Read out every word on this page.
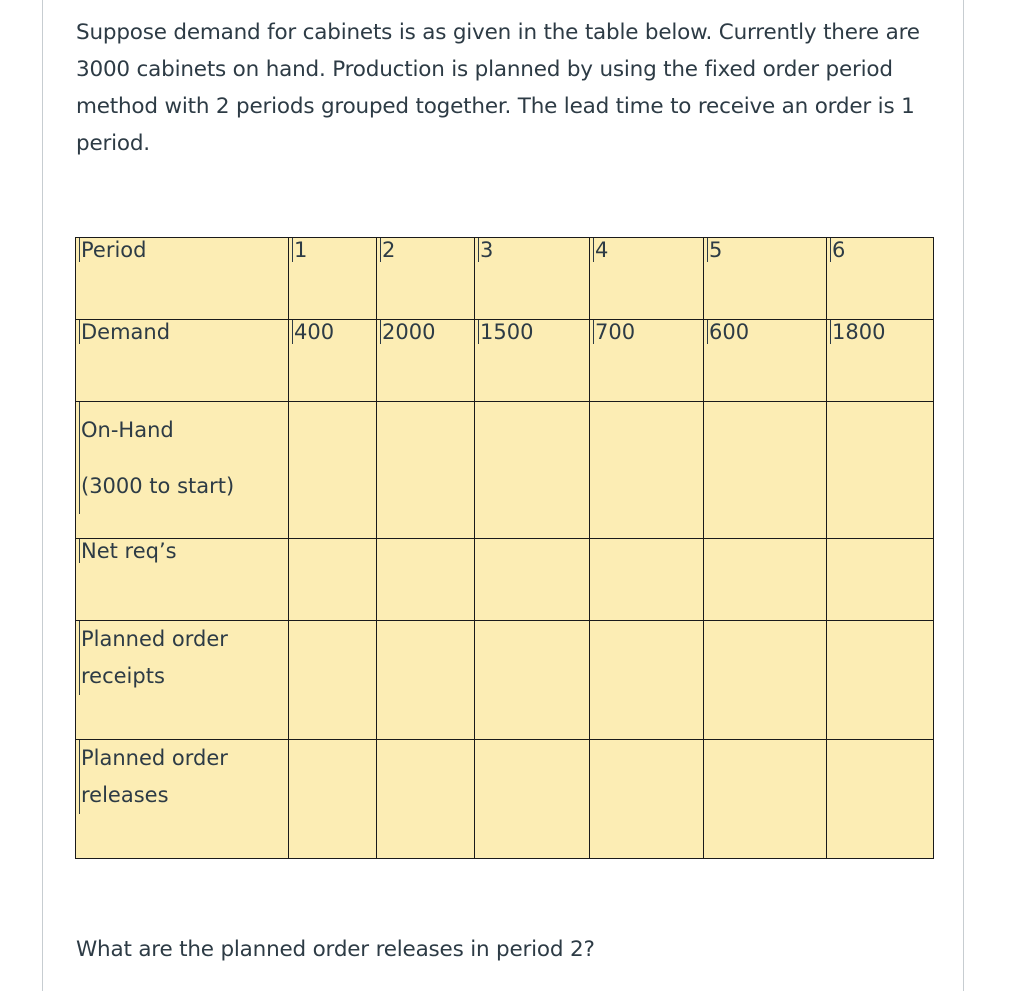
Suppose demand for cabinets is as given in the table below. Currently there are 3000 cabinets on hand. Production is planned by using the fixed order period method with 2 periods grouped together. The lead time to receive an order is 1 period.

Period	1	2	3	4	5	6
Demand	400	2000	1500	700	600	1800

On-Hand
(3000 to start)						

Net req’s						

Planned order
receipts						

Planned order
releases						

What are the planned order releases in period 2?
